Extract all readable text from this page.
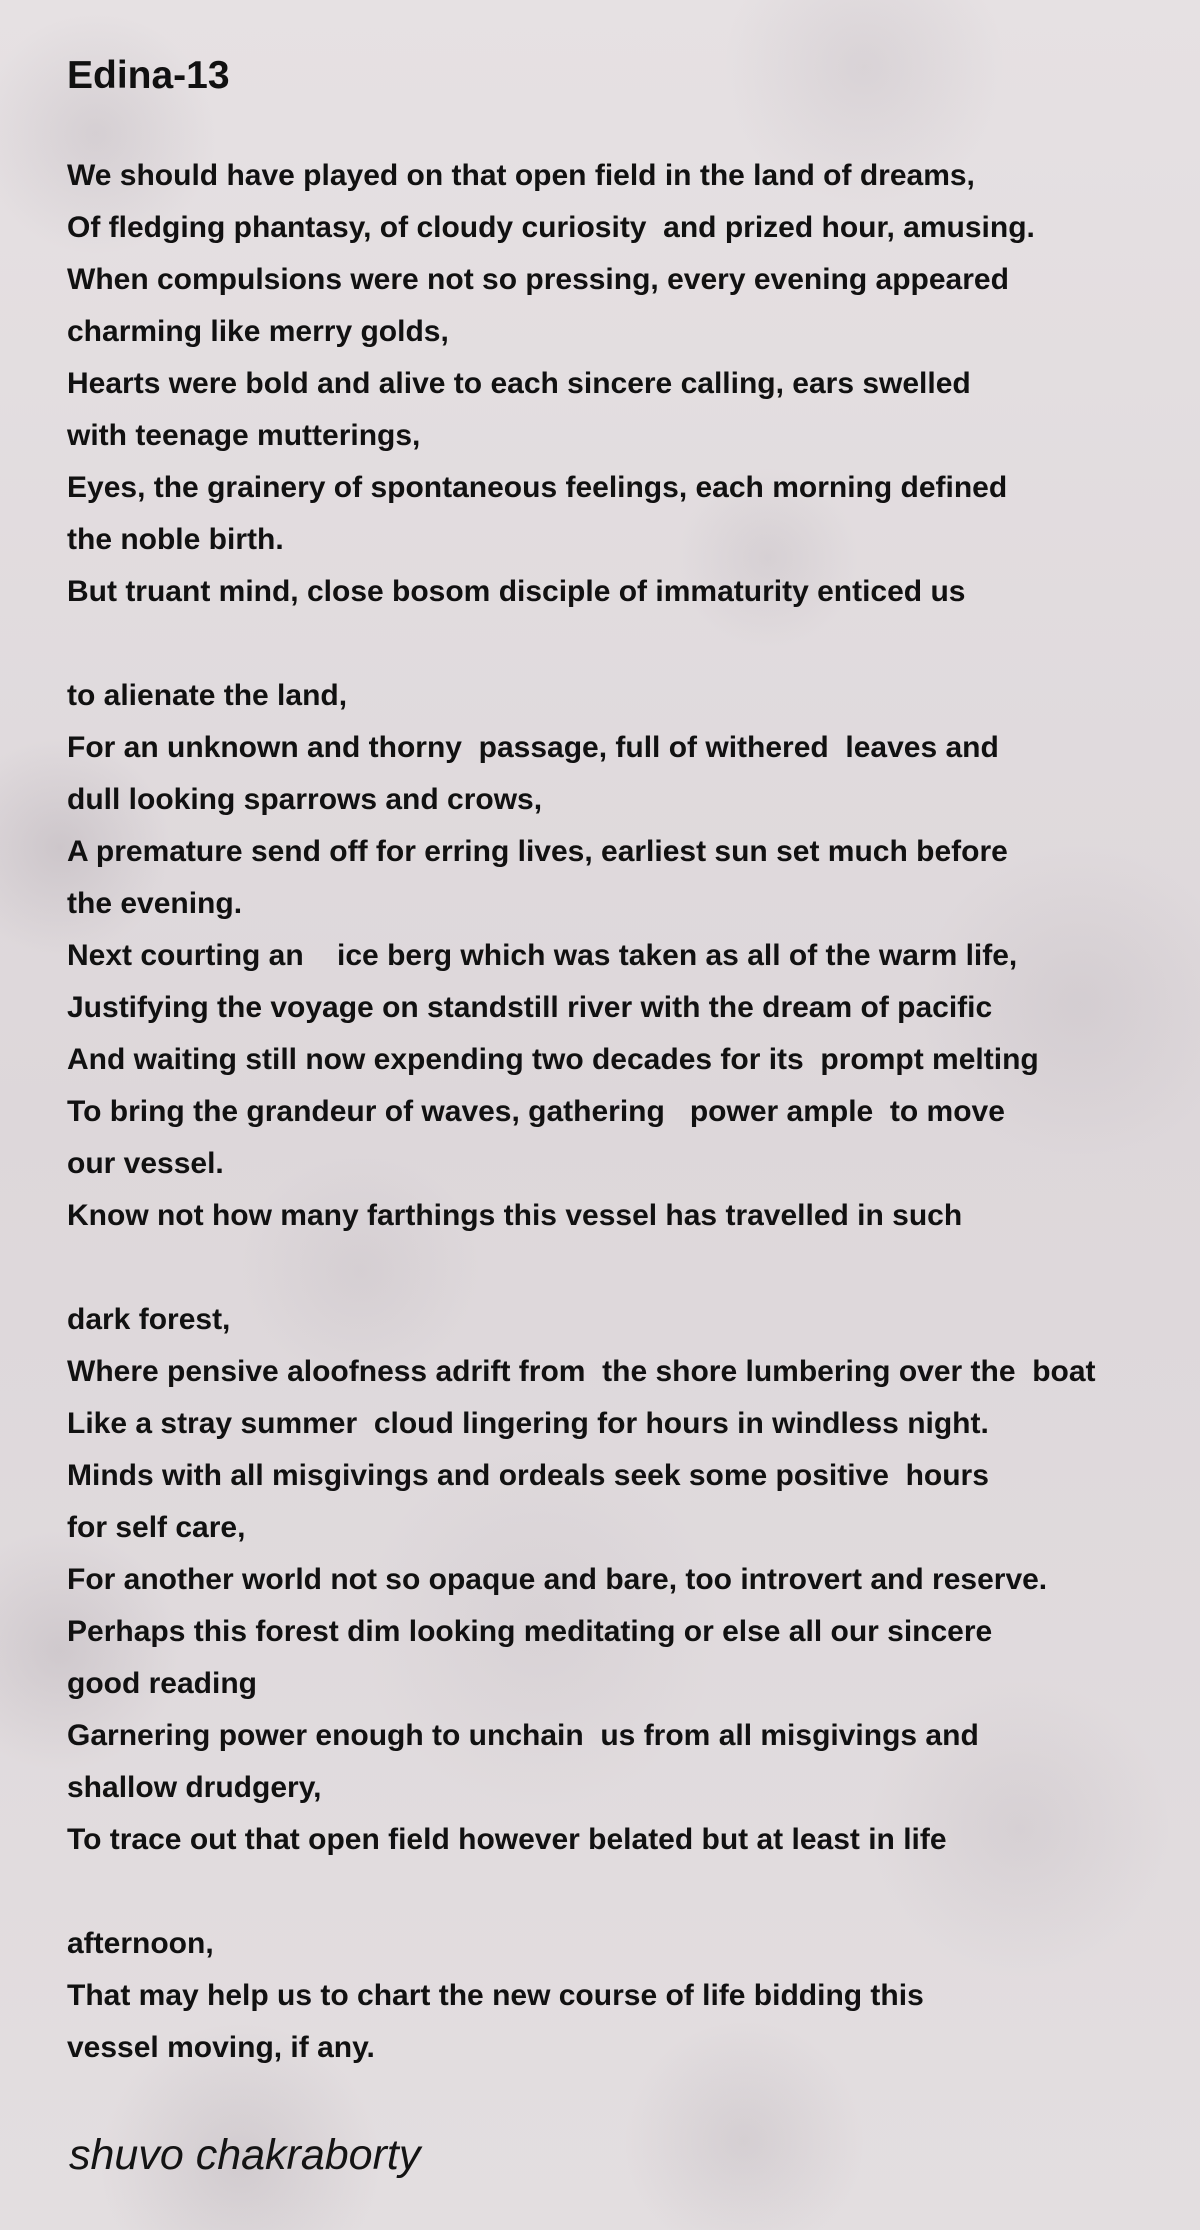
Edina-13
We should have played on that open field in the land of dreams,
Of fledging phantasy, of cloudy curiosity  and prized hour, amusing.
When compulsions were not so pressing, every evening appeared
charming like merry golds,
Hearts were bold and alive to each sincere calling, ears swelled
with teenage mutterings,
Eyes, the grainery of spontaneous feelings, each morning defined
the noble birth.
But truant mind, close bosom disciple of immaturity enticed us
to alienate the land,
For an unknown and thorny  passage, full of withered  leaves and
dull looking sparrows and crows,
A premature send off for erring lives, earliest sun set much before
the evening.
Next courting an    ice berg which was taken as all of the warm life,
Justifying the voyage on standstill river with the dream of pacific
And waiting still now expending two decades for its  prompt melting
To bring the grandeur of waves, gathering   power ample  to move
our vessel.
Know not how many farthings this vessel has travelled in such
dark forest,
Where pensive aloofness adrift from  the shore lumbering over the  boat
Like a stray summer  cloud lingering for hours in windless night.
Minds with all misgivings and ordeals seek some positive  hours
for self care,
For another world not so opaque and bare, too introvert and reserve.
Perhaps this forest dim looking meditating or else all our sincere
good reading
Garnering power enough to unchain  us from all misgivings and
shallow drudgery,
To trace out that open field however belated but at least in life
afternoon,
That may help us to chart the new course of life bidding this
vessel moving, if any.
shuvo chakraborty
